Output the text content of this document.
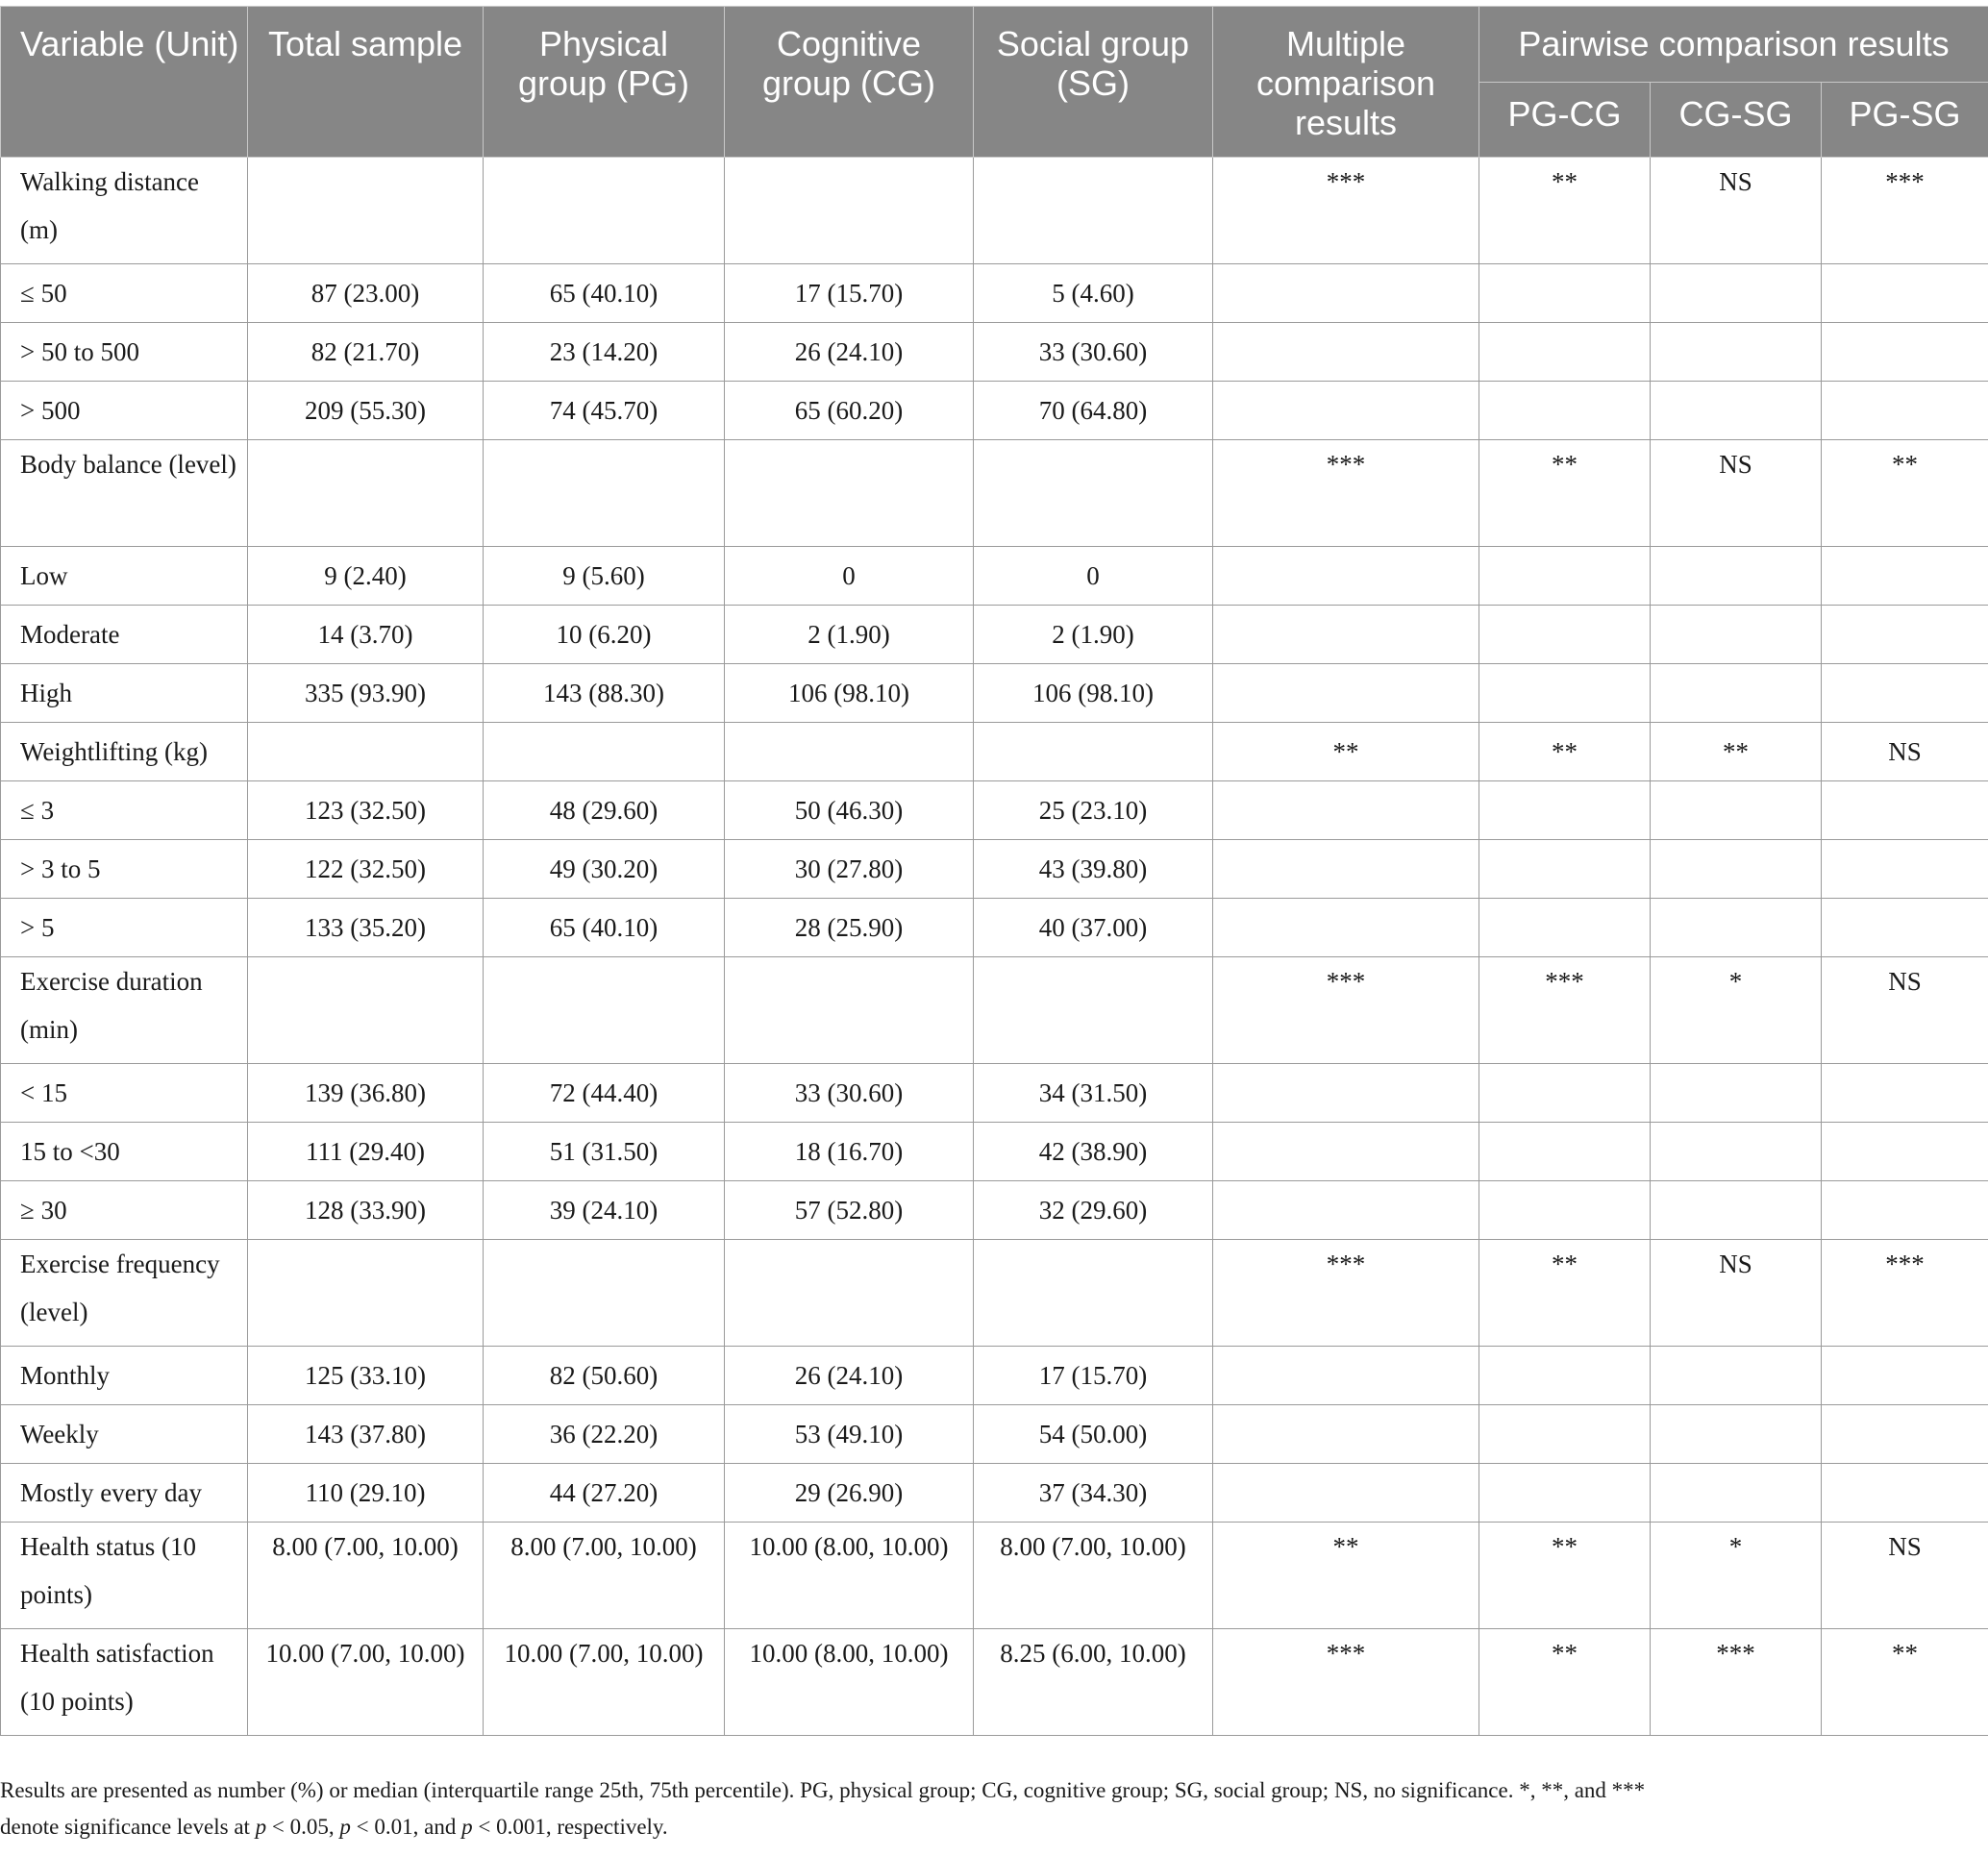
Variable (Unit)	Total sample	Physical group (PG)	Cognitive group (CG)	Social group (SG)	Multiple comparison results	Pairwise comparison results		
						PG-CG	CG-SG	PG-SG
Walking distance (m)					***	**	NS	***
≤ 50	87 (23.00)	65 (40.10)	17 (15.70)	5 (4.60)				
> 50 to 500	82 (21.70)	23 (14.20)	26 (24.10)	33 (30.60)				
> 500	209 (55.30)	74 (45.70)	65 (60.20)	70 (64.80)				
Body balance (level)					***	**	NS	**
Low	9 (2.40)	9 (5.60)	0	0				
Moderate	14 (3.70)	10 (6.20)	2 (1.90)	2 (1.90)				
High	335 (93.90)	143 (88.30)	106 (98.10)	106 (98.10)				
Weightlifting (kg)					**	**	**	NS
≤ 3	123 (32.50)	48 (29.60)	50 (46.30)	25 (23.10)				
> 3 to 5	122 (32.50)	49 (30.20)	30 (27.80)	43 (39.80)				
> 5	133 (35.20)	65 (40.10)	28 (25.90)	40 (37.00)				
Exercise duration (min)					***	***	*	NS
< 15	139 (36.80)	72 (44.40)	33 (30.60)	34 (31.50)				
15 to <30	111 (29.40)	51 (31.50)	18 (16.70)	42 (38.90)				
≥ 30	128 (33.90)	39 (24.10)	57 (52.80)	32 (29.60)				
Exercise frequency (level)					***	**	NS	***
Monthly	125 (33.10)	82 (50.60)	26 (24.10)	17 (15.70)				
Weekly	143 (37.80)	36 (22.20)	53 (49.10)	54 (50.00)				
Mostly every day	110 (29.10)	44 (27.20)	29 (26.90)	37 (34.30)				
Health status (10 points)	8.00 (7.00, 10.00)	8.00 (7.00, 10.00)	10.00 (8.00, 10.00)	8.00 (7.00, 10.00)	**	**	*	NS
Health satisfaction (10 points)	10.00 (7.00, 10.00)	10.00 (7.00, 10.00)	10.00 (8.00, 10.00)	8.25 (6.00, 10.00)	***	**	***	**
Results are presented as number (%) or median (interquartile range 25th, 75th percentile). PG, physical group; CG, cognitive group; SG, social group; NS, no significance. *, **, and ***
denote significance levels at p < 0.05, p < 0.01, and p < 0.001, respectively.
